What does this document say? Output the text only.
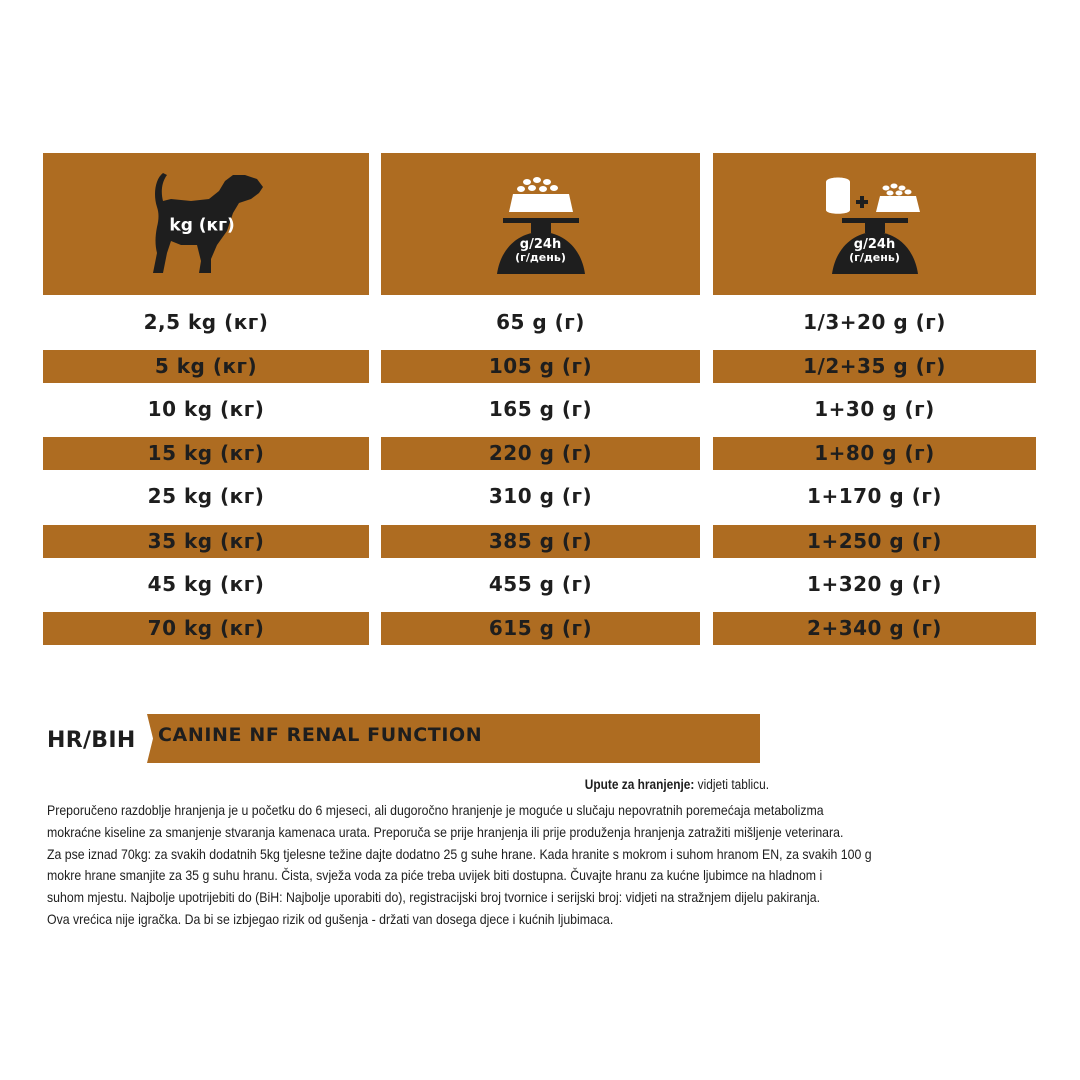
kg (кг)
g/24h
(г/день)
g/24h
(г/день)
2,5 kg (кг)	65 g (г)	1/3+20 g (г)
5 kg (кг)	105 g (г)	1/2+35 g (г)
10 kg (кг)	165 g (г)	1+30 g (г)
15 kg (кг)	220 g (г)	1+80 g (г)
25 kg (кг)	310 g (г)	1+170 g (г)
35 kg (кг)	385 g (г)	1+250 g (г)
45 kg (кг)	455 g (г)	1+320 g (г)
70 kg (кг)	615 g (г)	2+340 g (г)
HR/BIH CANINE NF RENAL FUNCTION
Upute za hranjenje: vidjeti tablicu.
Preporučeno razdoblje hranjenja je u početku do 6 mjeseci, ali dugoročno hranjenje je moguće u slučaju nepovratnih poremećaja metabolizma
mokraćne kiseline za smanjenje stvaranja kamenaca urata. Preporuča se prije hranjenja ili prije produženja hranjenja zatražiti mišljenje veterinara.
Za pse iznad 70kg: za svakih dodatnih 5kg tjelesne težine dajte dodatno 25 g suhe hrane. Kada hranite s mokrom i suhom hranom EN, za svakih 100 g
mokre hrane smanjite za 35 g suhu hranu. Čista, svježa voda za piće treba uvijek biti dostupna. Čuvajte hranu za kućne ljubimce na hladnom i
suhom mjestu. Najbolje upotrijebiti do (BiH: Najbolje uporabiti do), registracijski broj tvornice i serijski broj: vidjeti na stražnjem dijelu pakiranja.
Ova vrećica nije igračka. Da bi se izbjegao rizik od gušenja - držati van dosega djece i kućnih ljubimaca.
